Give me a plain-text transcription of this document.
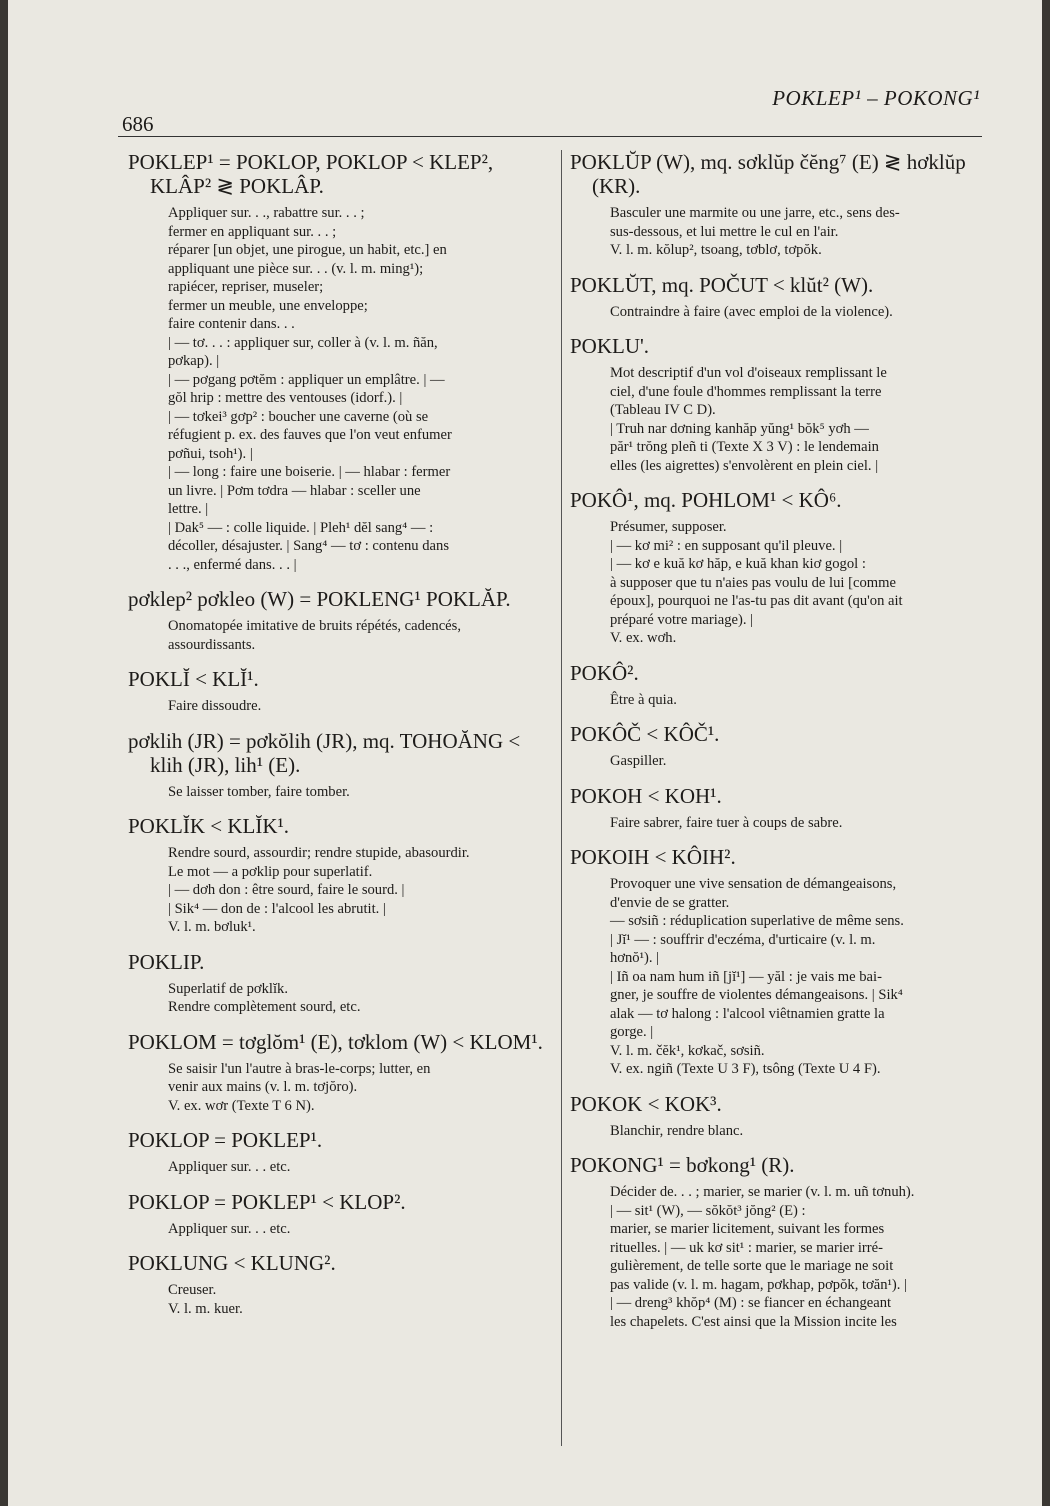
POKLEP¹ – POKONG¹
686
POKLEP¹ = POKLOP, POKLOP < KLEP², KLÂP² ≷ POKLÂP.
Appliquer sur. . ., rabattre sur. . . ;
fermer en appliquant sur. . . ;
réparer [un objet, une pirogue, un habit, etc.] en
appliquant une pièce sur. . . (v. l. m. ming¹);
rapiécer, repriser, museler;
fermer un meuble, une enveloppe;
faire contenir dans. . .
| — tơ. . . : appliquer sur, coller à (v. l. m. ñăn,
pơkap). |
| — pơgang pơtĕm : appliquer un emplâtre. | —
gŏl hrip : mettre des ventouses (idorf.). |
| — tơkei³ gơp² : boucher une caverne (où se
réfugient p. ex. des fauves que l'on veut enfumer
pơñui, tsoh¹). |
| — long : faire une boiserie. | — hlabar : fermer
un livre. | Pơm tơdra — hlabar : sceller une
lettre. |
| Dak⁵ — : colle liquide. | Pleh¹ dĕl sang⁴ — :
décoller, désajuster. | Sang⁴ — tơ : contenu dans
. . ., enfermé dans. . . |
pơklep² pơkleo (W) = POKLENG¹ POKLĂP.
Onomatopée imitative de bruits répétés, cadencés,
assourdissants.
POKLĬ < KLĬ¹.
Faire dissoudre.
pơklih (JR) = pơkŏlih (JR), mq. TOHOĂNG < klih (JR), lih¹ (E).
Se laisser tomber, faire tomber.
POKLĬK < KLĬK¹.
Rendre sourd, assourdir; rendre stupide, abasourdir.
Le mot — a pơklip pour superlatif.
| — dơh don : être sourd, faire le sourd. |
| Sik⁴ — don de : l'alcool les abrutit. |
V. l. m. bơluk¹.
POKLIP.
Superlatif de pơklĭk.
Rendre complètement sourd, etc.
POKLOM = tơglŏm¹ (E), tơklom (W) < KLOM¹.
Se saisir l'un l'autre à bras-le-corps; lutter, en
venir aux mains (v. l. m. tơjŏro).
V. ex. wơr (Texte T 6 N).
POKLOP = POKLEP¹.
Appliquer sur. . . etc.
POKLOP = POKLEP¹ < KLOP².
Appliquer sur. . . etc.
POKLUNG < KLUNG².
Creuser.
V. l. m. kuer.
POKLŬP (W), mq. sơklŭp čĕng⁷ (E) ≷ hơklŭp (KR).
Basculer une marmite ou une jarre, etc., sens des-
sus-dessous, et lui mettre le cul en l'air.
V. l. m. kŏlup², tsoang, tơblơ, tơpŏk.
POKLŬT, mq. POČUT < klŭt² (W).
Contraindre à faire (avec emploi de la violence).
POKLU'.
Mot descriptif d'un vol d'oiseaux remplissant le
ciel, d'une foule d'hommes remplissant la terre
(Tableau IV C D).
| Truh nar dơning kanhăp yŭng¹ bŏk⁵ yơh —
păr¹ trŏng pleñ ti (Texte X 3 V) : le lendemain
elles (les aigrettes) s'envolèrent en plein ciel. |
POKÔ¹, mq. POHLOM¹ < KÔ⁶.
Présumer, supposer.
| — kơ mi² : en supposant qu'il pleuve. |
| — kơ e kuă kơ hăp, e kuă khan kiơ gogol :
à supposer que tu n'aies pas voulu de lui [comme
époux], pourquoi ne l'as-tu pas dit avant (qu'on ait
préparé votre mariage). |
V. ex. wơh.
POKÔ².
Être à quia.
POKÔČ < KÔČ¹.
Gaspiller.
POKOH < KOH¹.
Faire sabrer, faire tuer à coups de sabre.
POKOIH < KÔIH².
Provoquer une vive sensation de démangeaisons,
d'envie de se gratter.
— sơsiñ : réduplication superlative de même sens.
| Jĭ¹ — : souffrir d'eczéma, d'urticaire (v. l. m.
hơnŏ¹). |
| Iñ oa nam hum iñ [jĭ¹] — yăl : je vais me bai-
gner, je souffre de violentes démangeaisons. | Sik⁴
alak — tơ halong : l'alcool viêtnamien gratte la
gorge. |
V. l. m. čĕk¹, kơkač, sơsiñ.
V. ex. ngiñ (Texte U 3 F), tsông (Texte U 4 F).
POKOK < KOK³.
Blanchir, rendre blanc.
POKONG¹ = bơkong¹ (R).
Décider de. . . ; marier, se marier (v. l. m. uñ tơnuh).
| — sit¹ (W), — sŏkŏt³ jŏng² (E) :
marier, se marier licitement, suivant les formes
rituelles. | — uk kơ sit¹ : marier, se marier irré-
gulièrement, de telle sorte que le mariage ne soit
pas valide (v. l. m. hagam, pơkhap, pơpŏk, tơăn¹). |
| — dreng³ khŏp⁴ (M) : se fiancer en échangeant
les chapelets. C'est ainsi que la Mission incite les
